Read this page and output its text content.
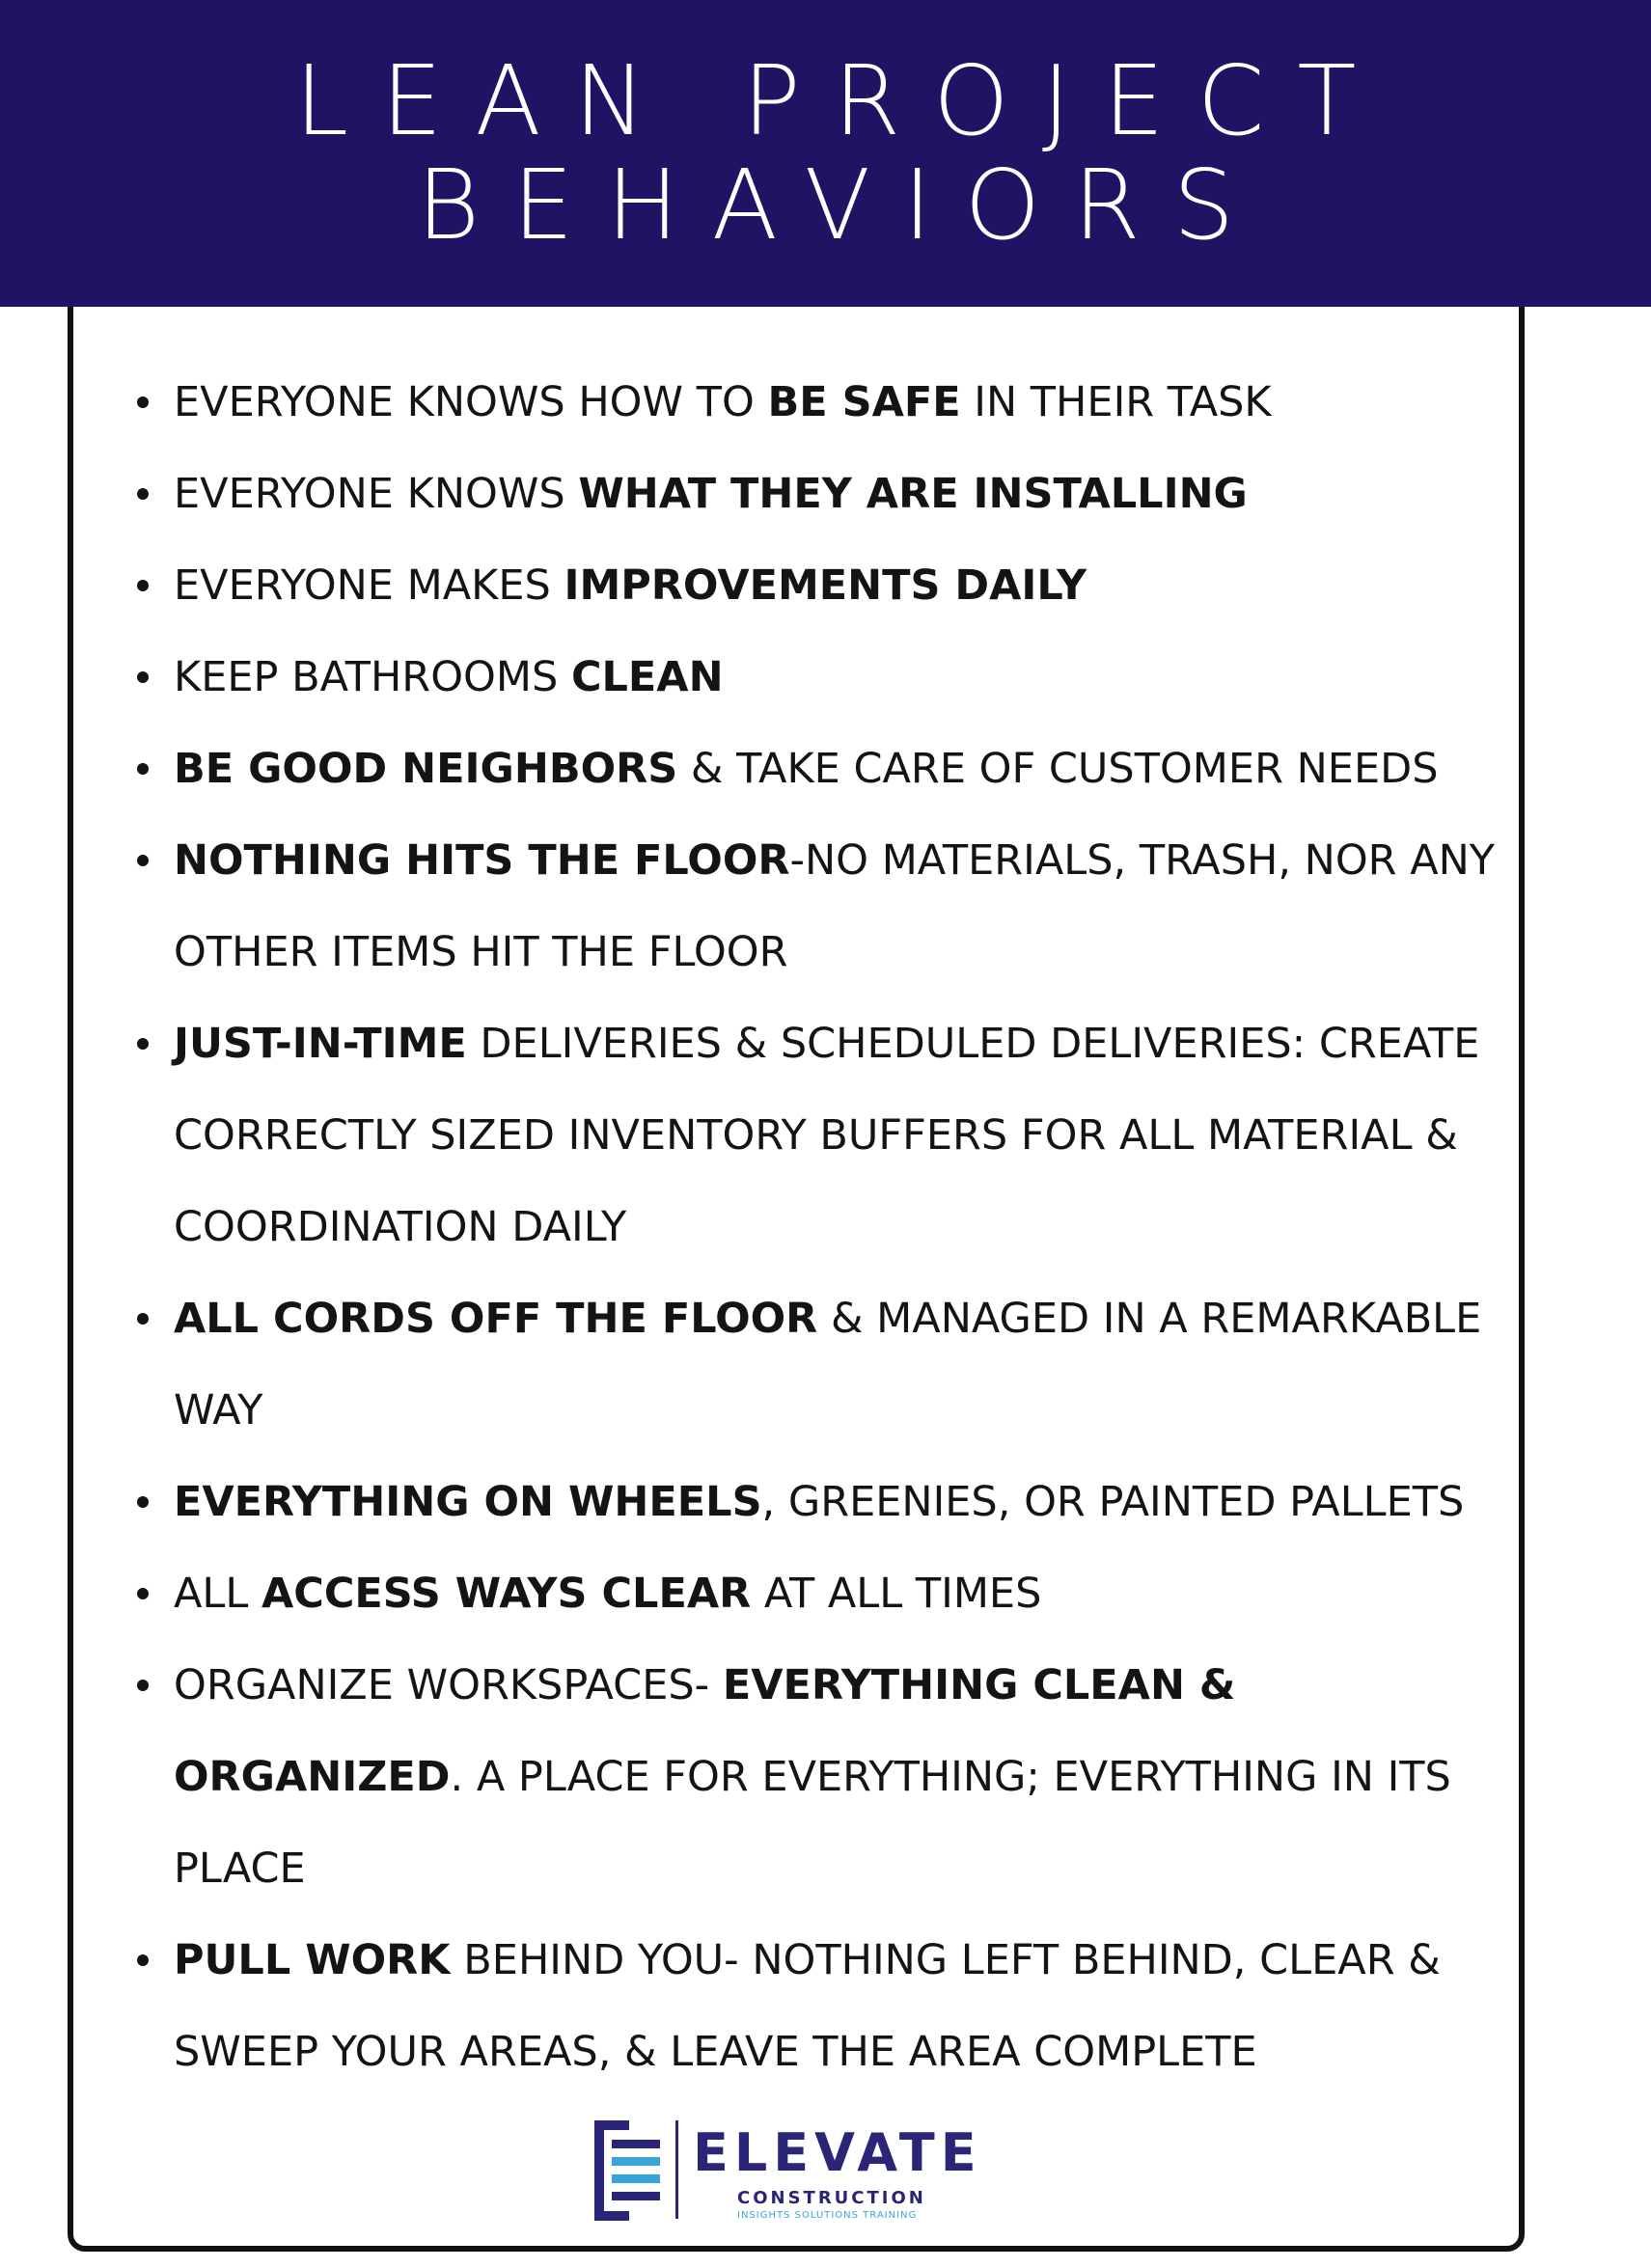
LEAN PROJECT
BEHAVIORS
EVERYONE KNOWS HOW TO BE SAFE IN THEIR TASK
EVERYONE KNOWS WHAT THEY ARE INSTALLING
EVERYONE MAKES IMPROVEMENTS DAILY
KEEP BATHROOMS CLEAN
BE GOOD NEIGHBORS & TAKE CARE OF CUSTOMER NEEDS
NOTHING HITS THE FLOOR-NO MATERIALS, TRASH, NOR ANY OTHER ITEMS HIT THE FLOOR
JUST-IN-TIME DELIVERIES & SCHEDULED DELIVERIES: CREATE CORRECTLY SIZED INVENTORY BUFFERS FOR ALL MATERIAL & COORDINATION DAILY
ALL CORDS OFF THE FLOOR & MANAGED IN A REMARKABLE WAY
EVERYTHING ON WHEELS, GREENIES, OR PAINTED PALLETS
ALL ACCESS WAYS CLEAR AT ALL TIMES
ORGANIZE WORKSPACES- EVERYTHING CLEAN & ORGANIZED. A PLACE FOR EVERYTHING; EVERYTHING IN ITS PLACE
PULL WORK BEHIND YOU- NOTHING LEFT BEHIND, CLEAR & SWEEP YOUR AREAS, & LEAVE THE AREA COMPLETE
ELEVATE
CONSTRUCTION
INSIGHTS SOLUTIONS TRAINING
